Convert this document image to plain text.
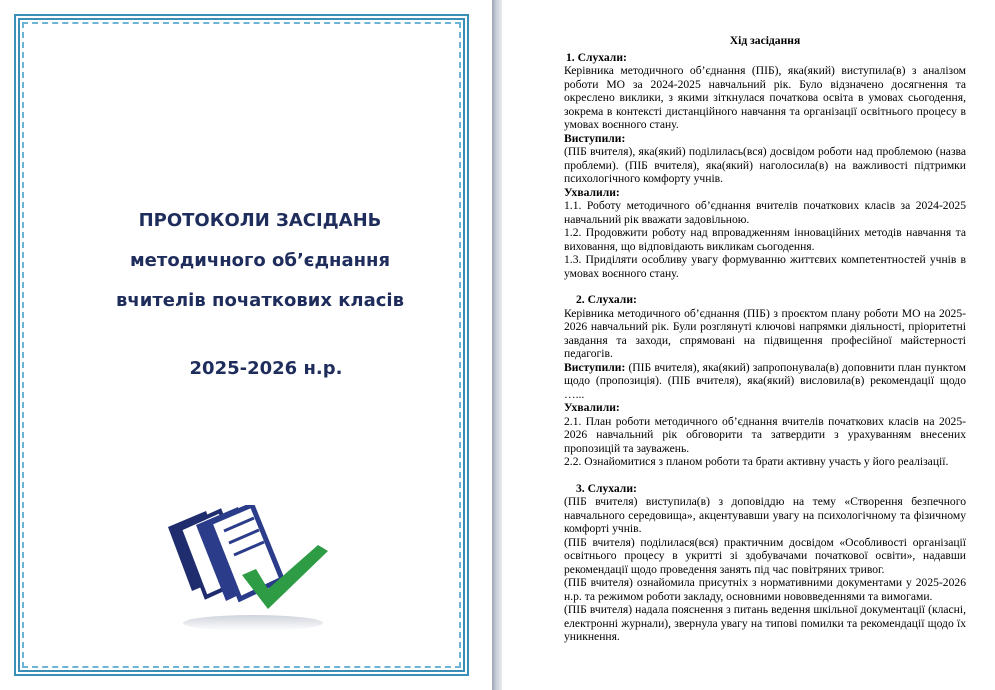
ПРОТОКОЛИ ЗАСІДАНЬ
методичного об’єднання
вчителів початкових класів
2025-2026 н.р.

Хід засідання

1. Слухали:

Керівника методичного об’єднання (ПІБ), яка(який) виступила(в) з аналізом роботи МО за 2024-2025 навчальний рік. Було відзначено досягнення та окреслено виклики, з якими зіткнулася початкова освіта в умовах сьогодення, зокрема в контексті дистанційного навчання та організації освітнього процесу в умовах воєнного стану.

Виступили:

(ПІБ вчителя), яка(який) поділилась(вся) досвідом роботи над проблемою (назва проблеми). (ПІБ вчителя), яка(який) наголосила(в) на важливості підтримки психологічного комфорту учнів.

Ухвалили:

1.1. Роботу методичного об’єднання вчителів початкових класів за 2024-2025 навчальний рік вважати задовільною.

1.2. Продовжити роботу над впровадженням інноваційних методів навчання та виховання, що відповідають викликам сьогодення.

1.3. Приділяти особливу увагу формуванню життєвих компетентностей учнів в умовах воєнного стану.

2. Слухали:

Керівника методичного об’єднання (ПІБ) з проєктом плану роботи МО на 2025-2026 навчальний рік. Були розглянуті ключові напрямки діяльності, пріоритетні завдання та заходи, спрямовані на підвищення професійної майстерності педагогів.

Виступили: (ПІБ вчителя), яка(який) запропонувала(в) доповнити план пунктом щодо (пропозиція). (ПІБ вчителя), яка(який) висловила(в) рекомендації щодо …...

Ухвалили:

2.1. План роботи методичного об’єднання вчителів початкових класів на 2025-2026 навчальний рік обговорити та затвердити з урахуванням внесених пропозицій та зауважень.

2.2. Ознайомитися з планом роботи та брати активну участь у його реалізації.

3. Слухали:

(ПІБ вчителя) виступила(в) з доповіддю на тему «Створення безпечного навчального середовища», акцентувавши увагу на психологічному та фізичному комфорті учнів.

(ПІБ вчителя) поділилася(вся) практичним досвідом «Особливості організації освітнього процесу в укритті зі здобувачами початкової освіти», надавши рекомендації щодо проведення занять під час повітряних тривог.

(ПІБ вчителя) ознайомила присутніх з нормативними документами у 2025-2026 н.р. та режимом роботи закладу, основними нововведеннями та вимогами.

(ПІБ вчителя) надала пояснення з питань ведення шкільної документації (класні, електронні журнали), звернула увагу на типові помилки та рекомендації щодо їх уникнення.
